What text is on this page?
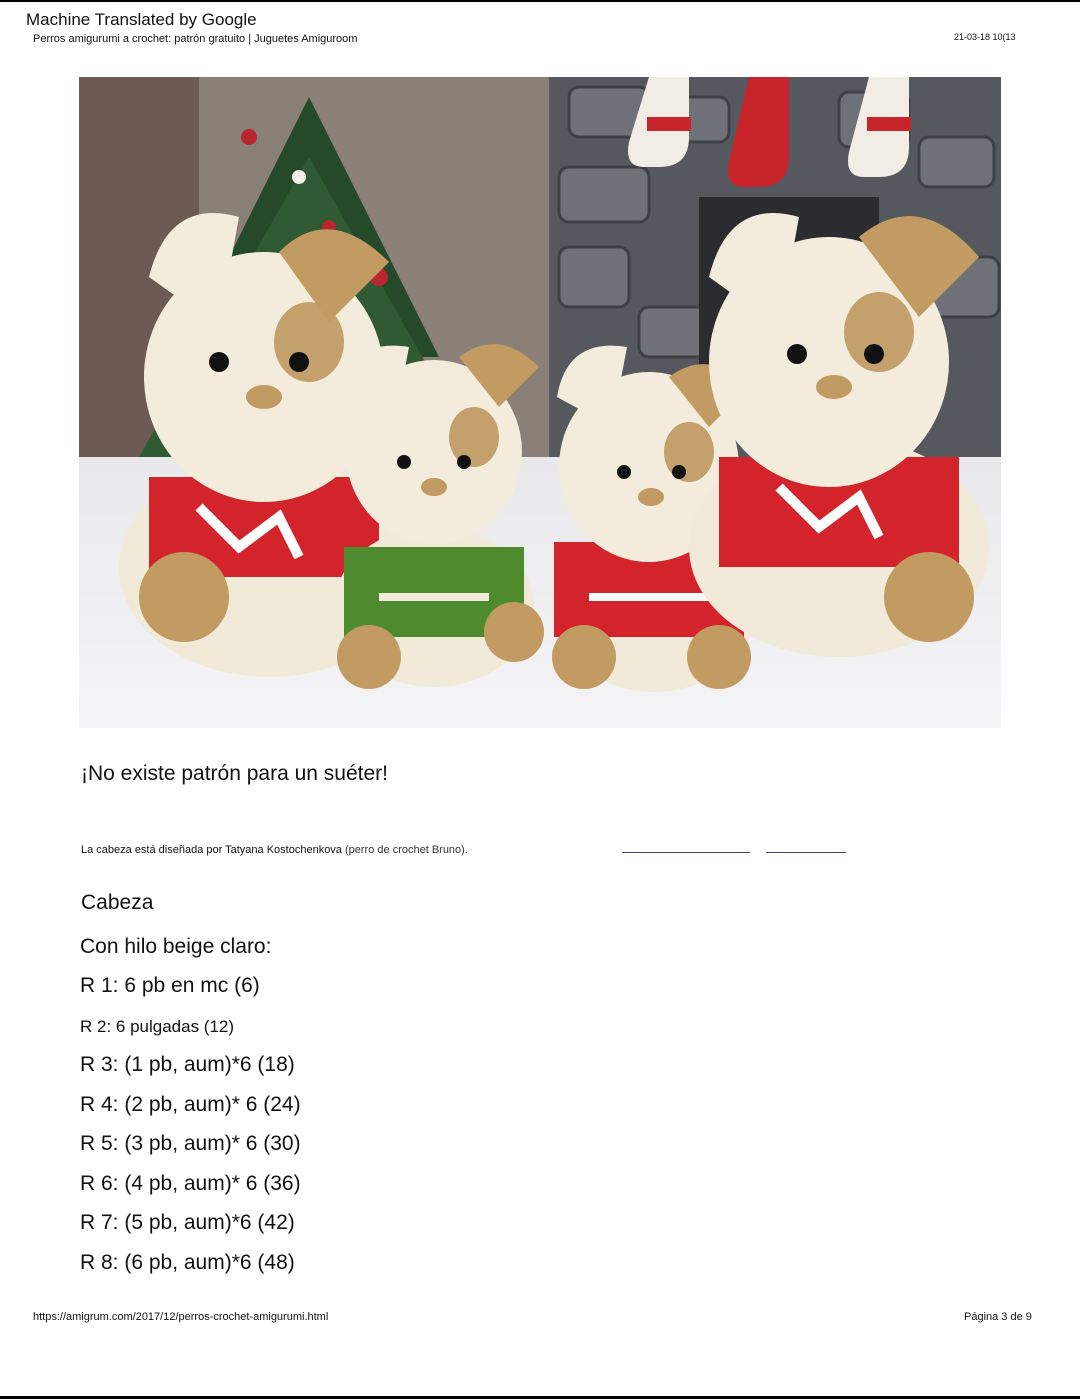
Machine Translated by Google
Perros amigurumi a crochet: patrón gratuito | Juguetes Amiguroom	21-03-18 10(13
¡No existe patrón para un suéter!
La cabeza está diseñada por Tatyana Kostochenkova (perro de crochet Bruno).
Cabeza
Con hilo beige claro:
R 1: 6 pb en mc (6)
R 2: 6 pulgadas (12)
R 3: (1 pb, aum)*6 (18)
R 4: (2 pb, aum)* 6 (24)
R 5: (3 pb, aum)* 6 (30)
R 6: (4 pb, aum)* 6 (36)
R 7: (5 pb, aum)*6 (42)
R 8: (6 pb, aum)*6 (48)
https://amigrum.com/2017/12/perros-crochet-amigurumi.html	Página 3 de 9
